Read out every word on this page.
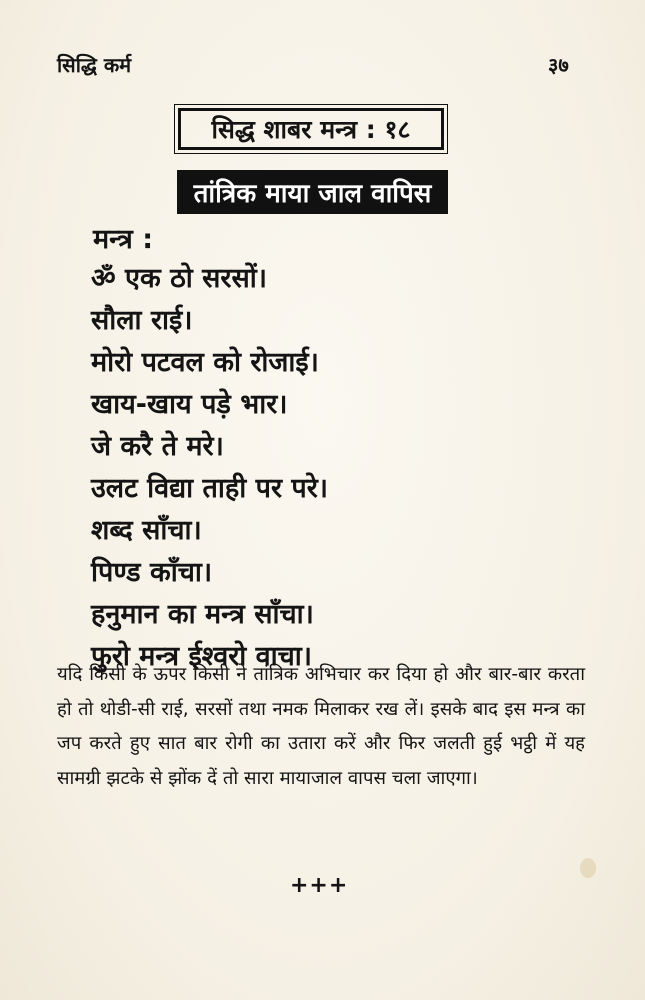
सिद्धि कर्म	३७
सिद्ध शाबर मन्त्र : १८
तांत्रिक माया जाल वापिस
मन्त्र :
ॐ एक ठो सरसों।
सौला राई।
मोरो पटवल को रोजाई।
खाय-खाय पड़े भार।
जे करै ते मरे।
उलट विद्या ताही पर परे।
शब्द साँचा।
पिण्ड काँचा।
हनुमान का मन्त्र साँचा।
फुरो मन्त्र ईश्वरो वाचा।

यदि किसी के ऊपर किसी ने तांत्रिक अभिचार कर दिया हो और बार-बार करता हो तो थोडी-सी राई, सरसों तथा नमक मिलाकर रख लें। इसके बाद इस मन्त्र का जप करते हुए सात बार रोगी का उतारा करें और फिर जलती हुई भट्ठी में यह सामग्री झटके से झोंक दें तो सारा मायाजाल वापस चला जाएगा।

+++
